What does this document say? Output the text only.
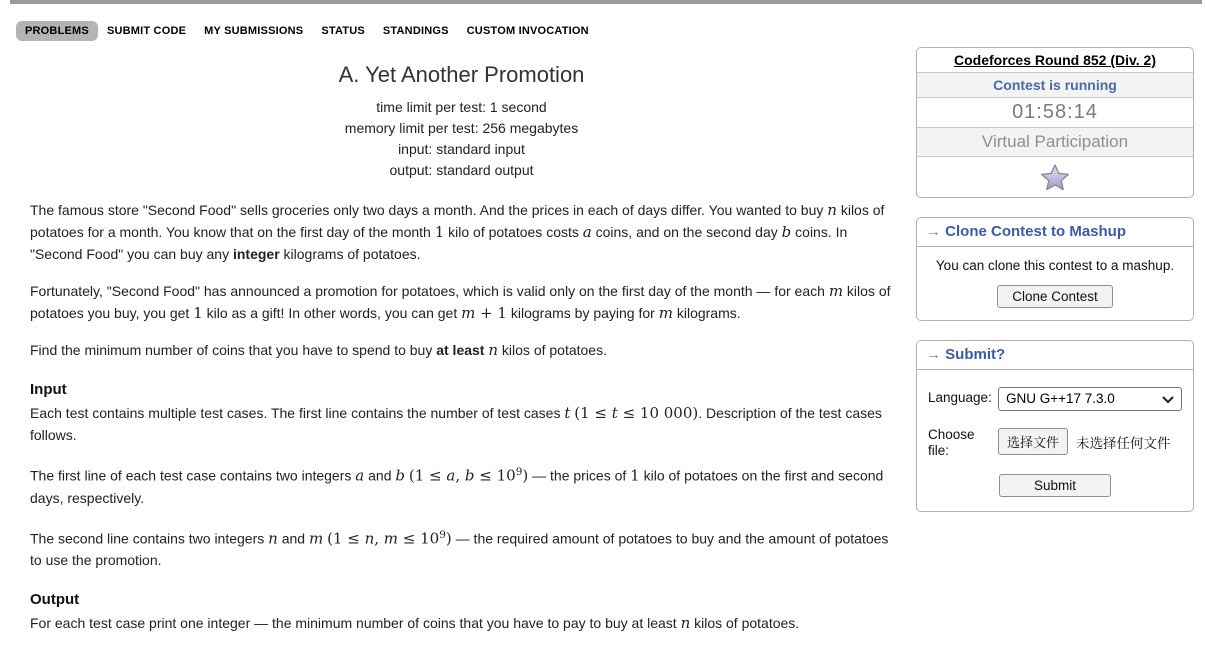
PROBLEMS	SUBMIT CODE	MY SUBMISSIONS	STATUS	STANDINGS	CUSTOM INVOCATION
A. Yet Another Promotion
time limit per test: 1 second
memory limit per test: 256 megabytes
input: standard input
output: standard output

The famous store "Second Food" sells groceries only two days a month. And the prices in each of days differ. You wanted to buy n kilos of potatoes for a month. You know that on the first day of the month 1 kilo of potatoes costs a coins, and on the second day b coins. In "Second Food" you can buy any integer kilograms of potatoes.

Fortunately, "Second Food" has announced a promotion for potatoes, which is valid only on the first day of the month — for each m kilos of potatoes you buy, you get 1 kilo as a gift! In other words, you can get m + 1 kilograms by paying for m kilograms.

Find the minimum number of coins that you have to spend to buy at least n kilos of potatoes.

Input

Each test contains multiple test cases. The first line contains the number of test cases t (1 ≤ t ≤ 10 000). Description of the test cases follows.

The first line of each test case contains two integers a and b (1 ≤ a, $b \le 10^9$) — the prices of 1 kilo of potatoes on the first and second days, respectively.

The second line contains two integers n and m (1 ≤ n, $m \le 10^9$) — the required amount of potatoes to buy and the amount of potatoes to use the promotion.

Output

For each test case print one integer — the minimum number of coins that you have to pay to buy at least n kilos of potatoes.

Codeforces Round 852 (Div. 2)
Contest is running
01:58:14
Virtual Participation
→ Clone Contest to Mashup
You can clone this contest to a mashup.
Clone Contest
→ Submit?
Language:	GNU G++17 7.3.0
Choose file:
选择文件	未选择任何文件
Submit
